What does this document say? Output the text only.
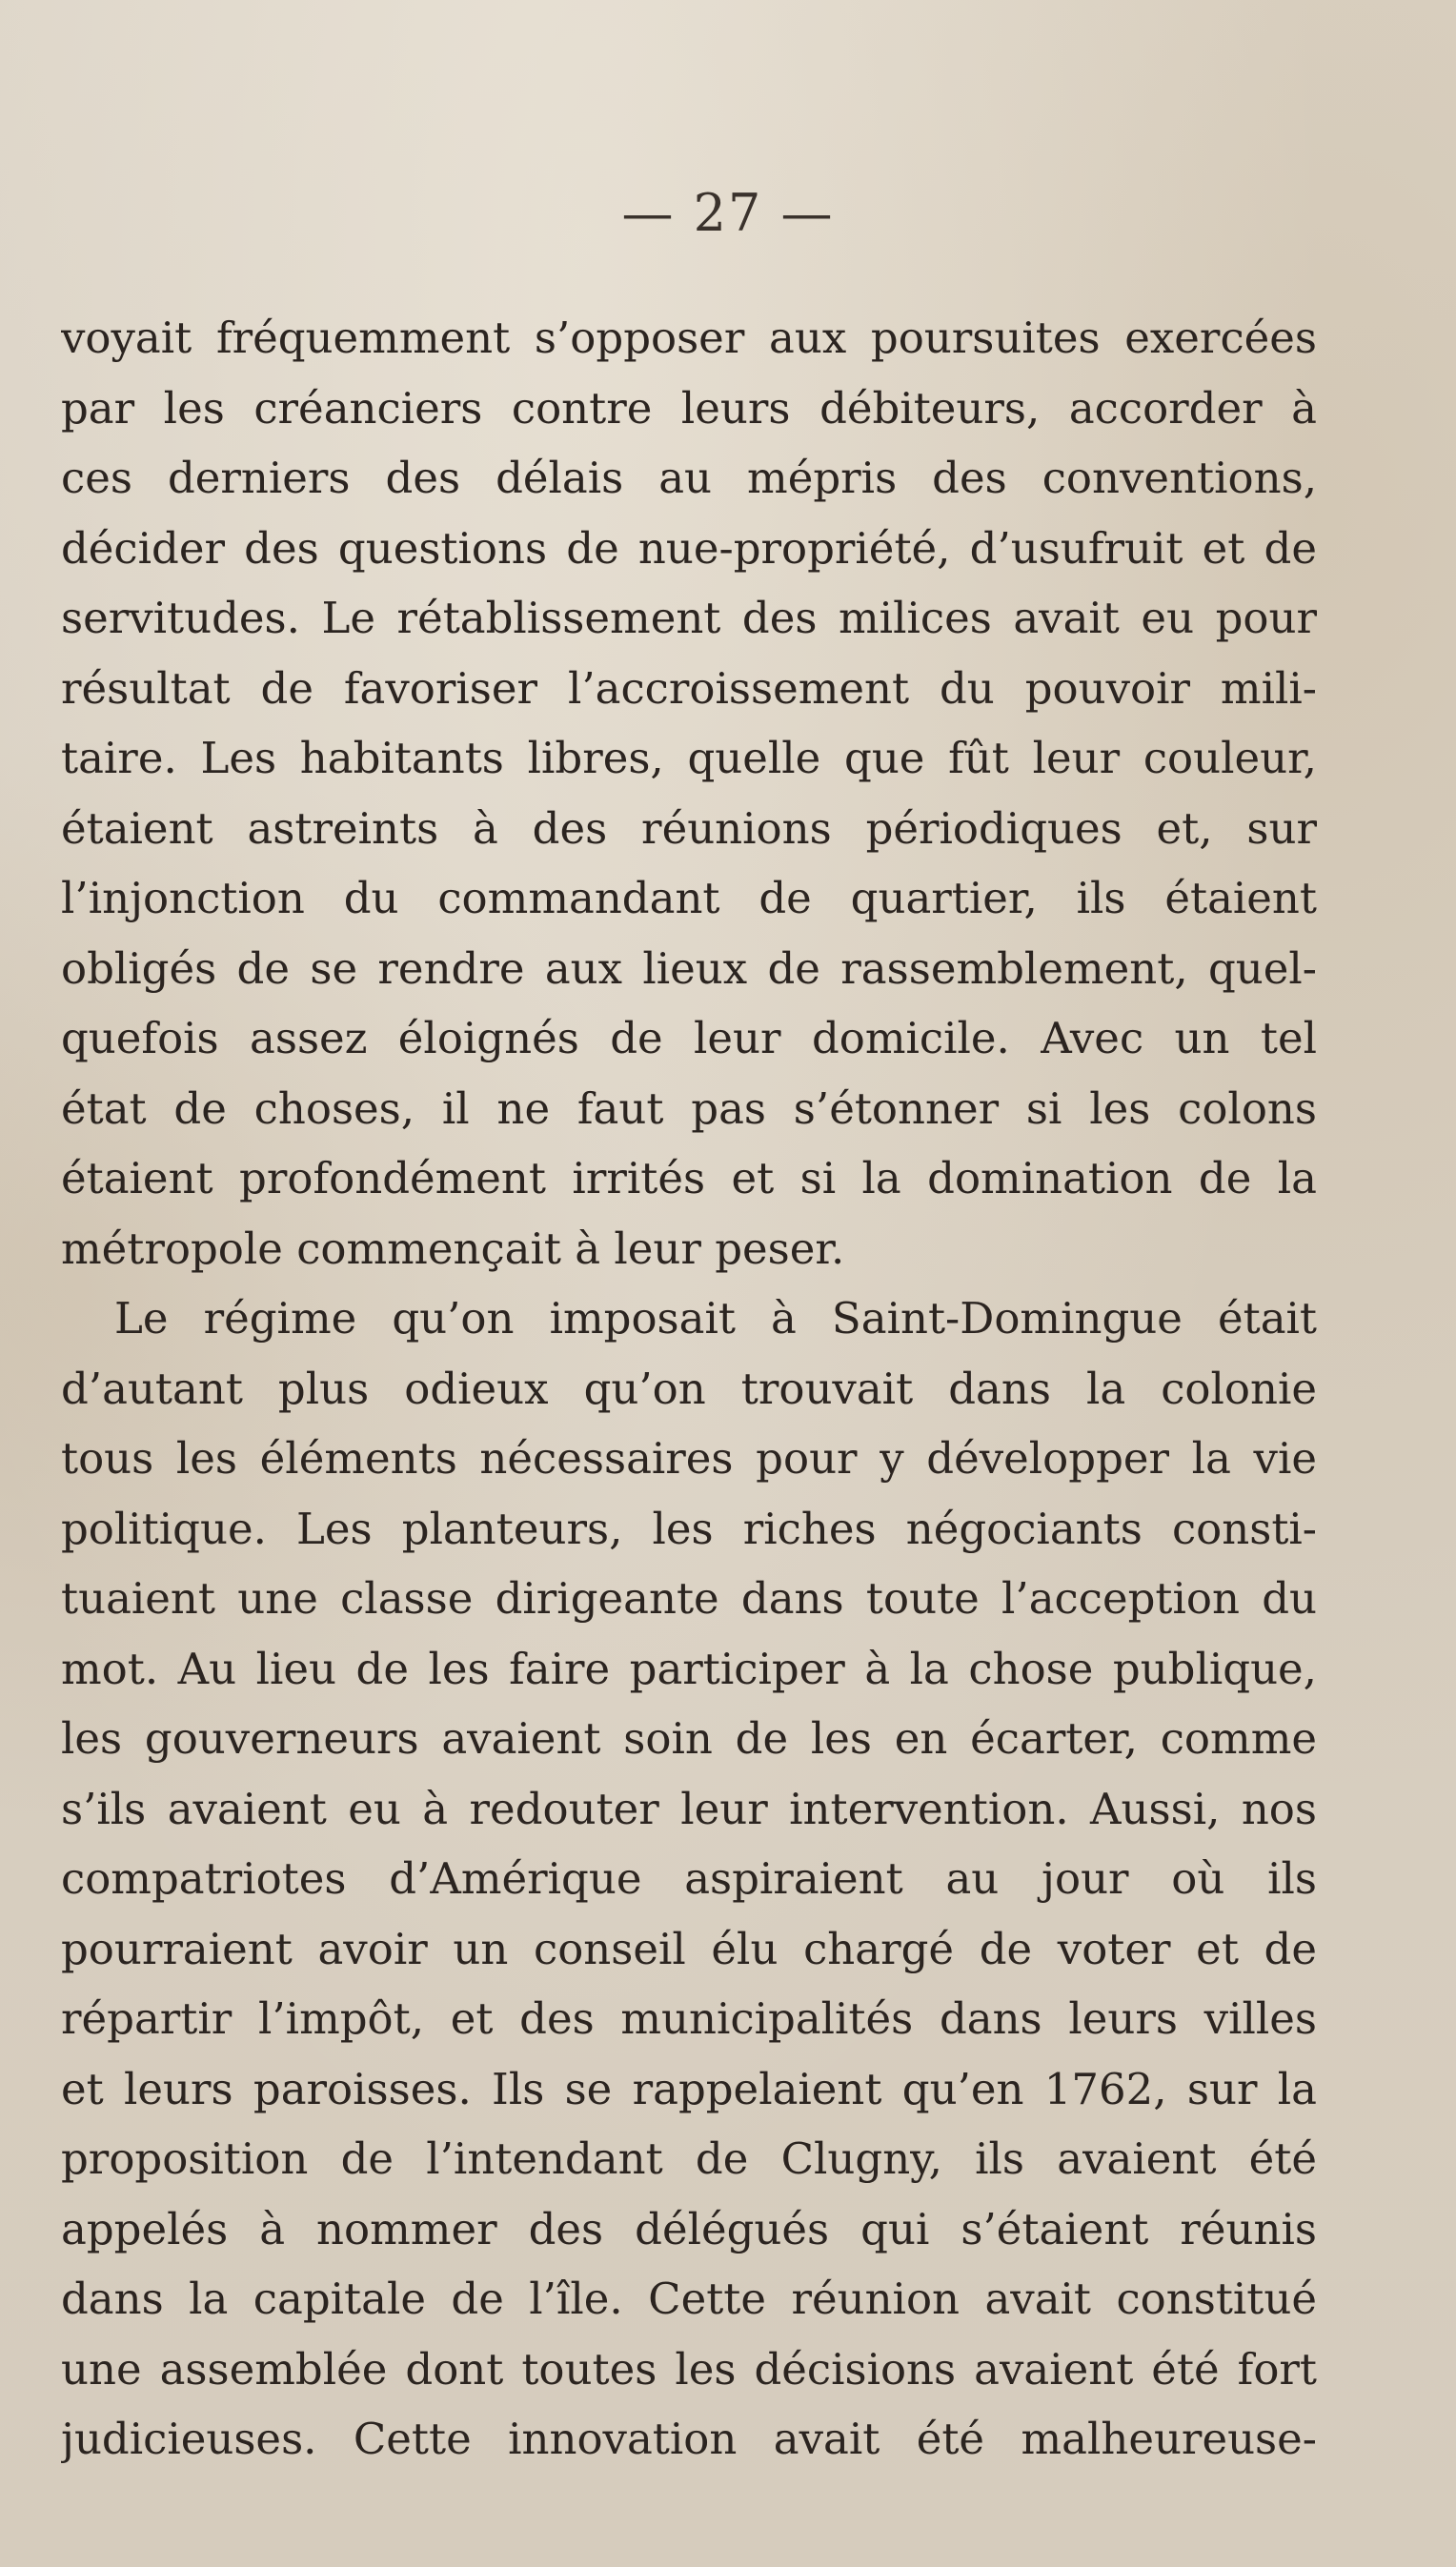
— 27 —
voyait fréquemment s’opposer aux poursuites exercées
par les créanciers contre leurs débiteurs, accorder à
ces derniers des délais au mépris des conventions,
décider des questions de nue-propriété, d’usufruit et de
servitudes. Le rétablissement des milices avait eu pour
résultat de favoriser l’accroissement du pouvoir mili-
taire. Les habitants libres, quelle que fût leur couleur,
étaient astreints à des réunions périodiques et, sur
l’injonction du commandant de quartier, ils étaient
obligés de se rendre aux lieux de rassemblement, quel-
quefois assez éloignés de leur domicile. Avec un tel
état de choses, il ne faut pas s’étonner si les colons
étaient profondément irrités et si la domination de la
métropole commençait à leur peser.
Le régime qu’on imposait à Saint-Domingue était
d’autant plus odieux qu’on trouvait dans la colonie
tous les éléments nécessaires pour y développer la vie
politique. Les planteurs, les riches négociants consti-
tuaient une classe dirigeante dans toute l’acception du
mot. Au lieu de les faire participer à la chose publique,
les gouverneurs avaient soin de les en écarter, comme
s’ils avaient eu à redouter leur intervention. Aussi, nos
compatriotes d’Amérique aspiraient au jour où ils
pourraient avoir un conseil élu chargé de voter et de
répartir l’impôt, et des municipalités dans leurs villes
et leurs paroisses. Ils se rappelaient qu’en 1762, sur la
proposition de l’intendant de Clugny, ils avaient été
appelés à nommer des délégués qui s’étaient réunis
dans la capitale de l’île. Cette réunion avait constitué
une assemblée dont toutes les décisions avaient été fort
judicieuses. Cette innovation avait été malheureuse-
